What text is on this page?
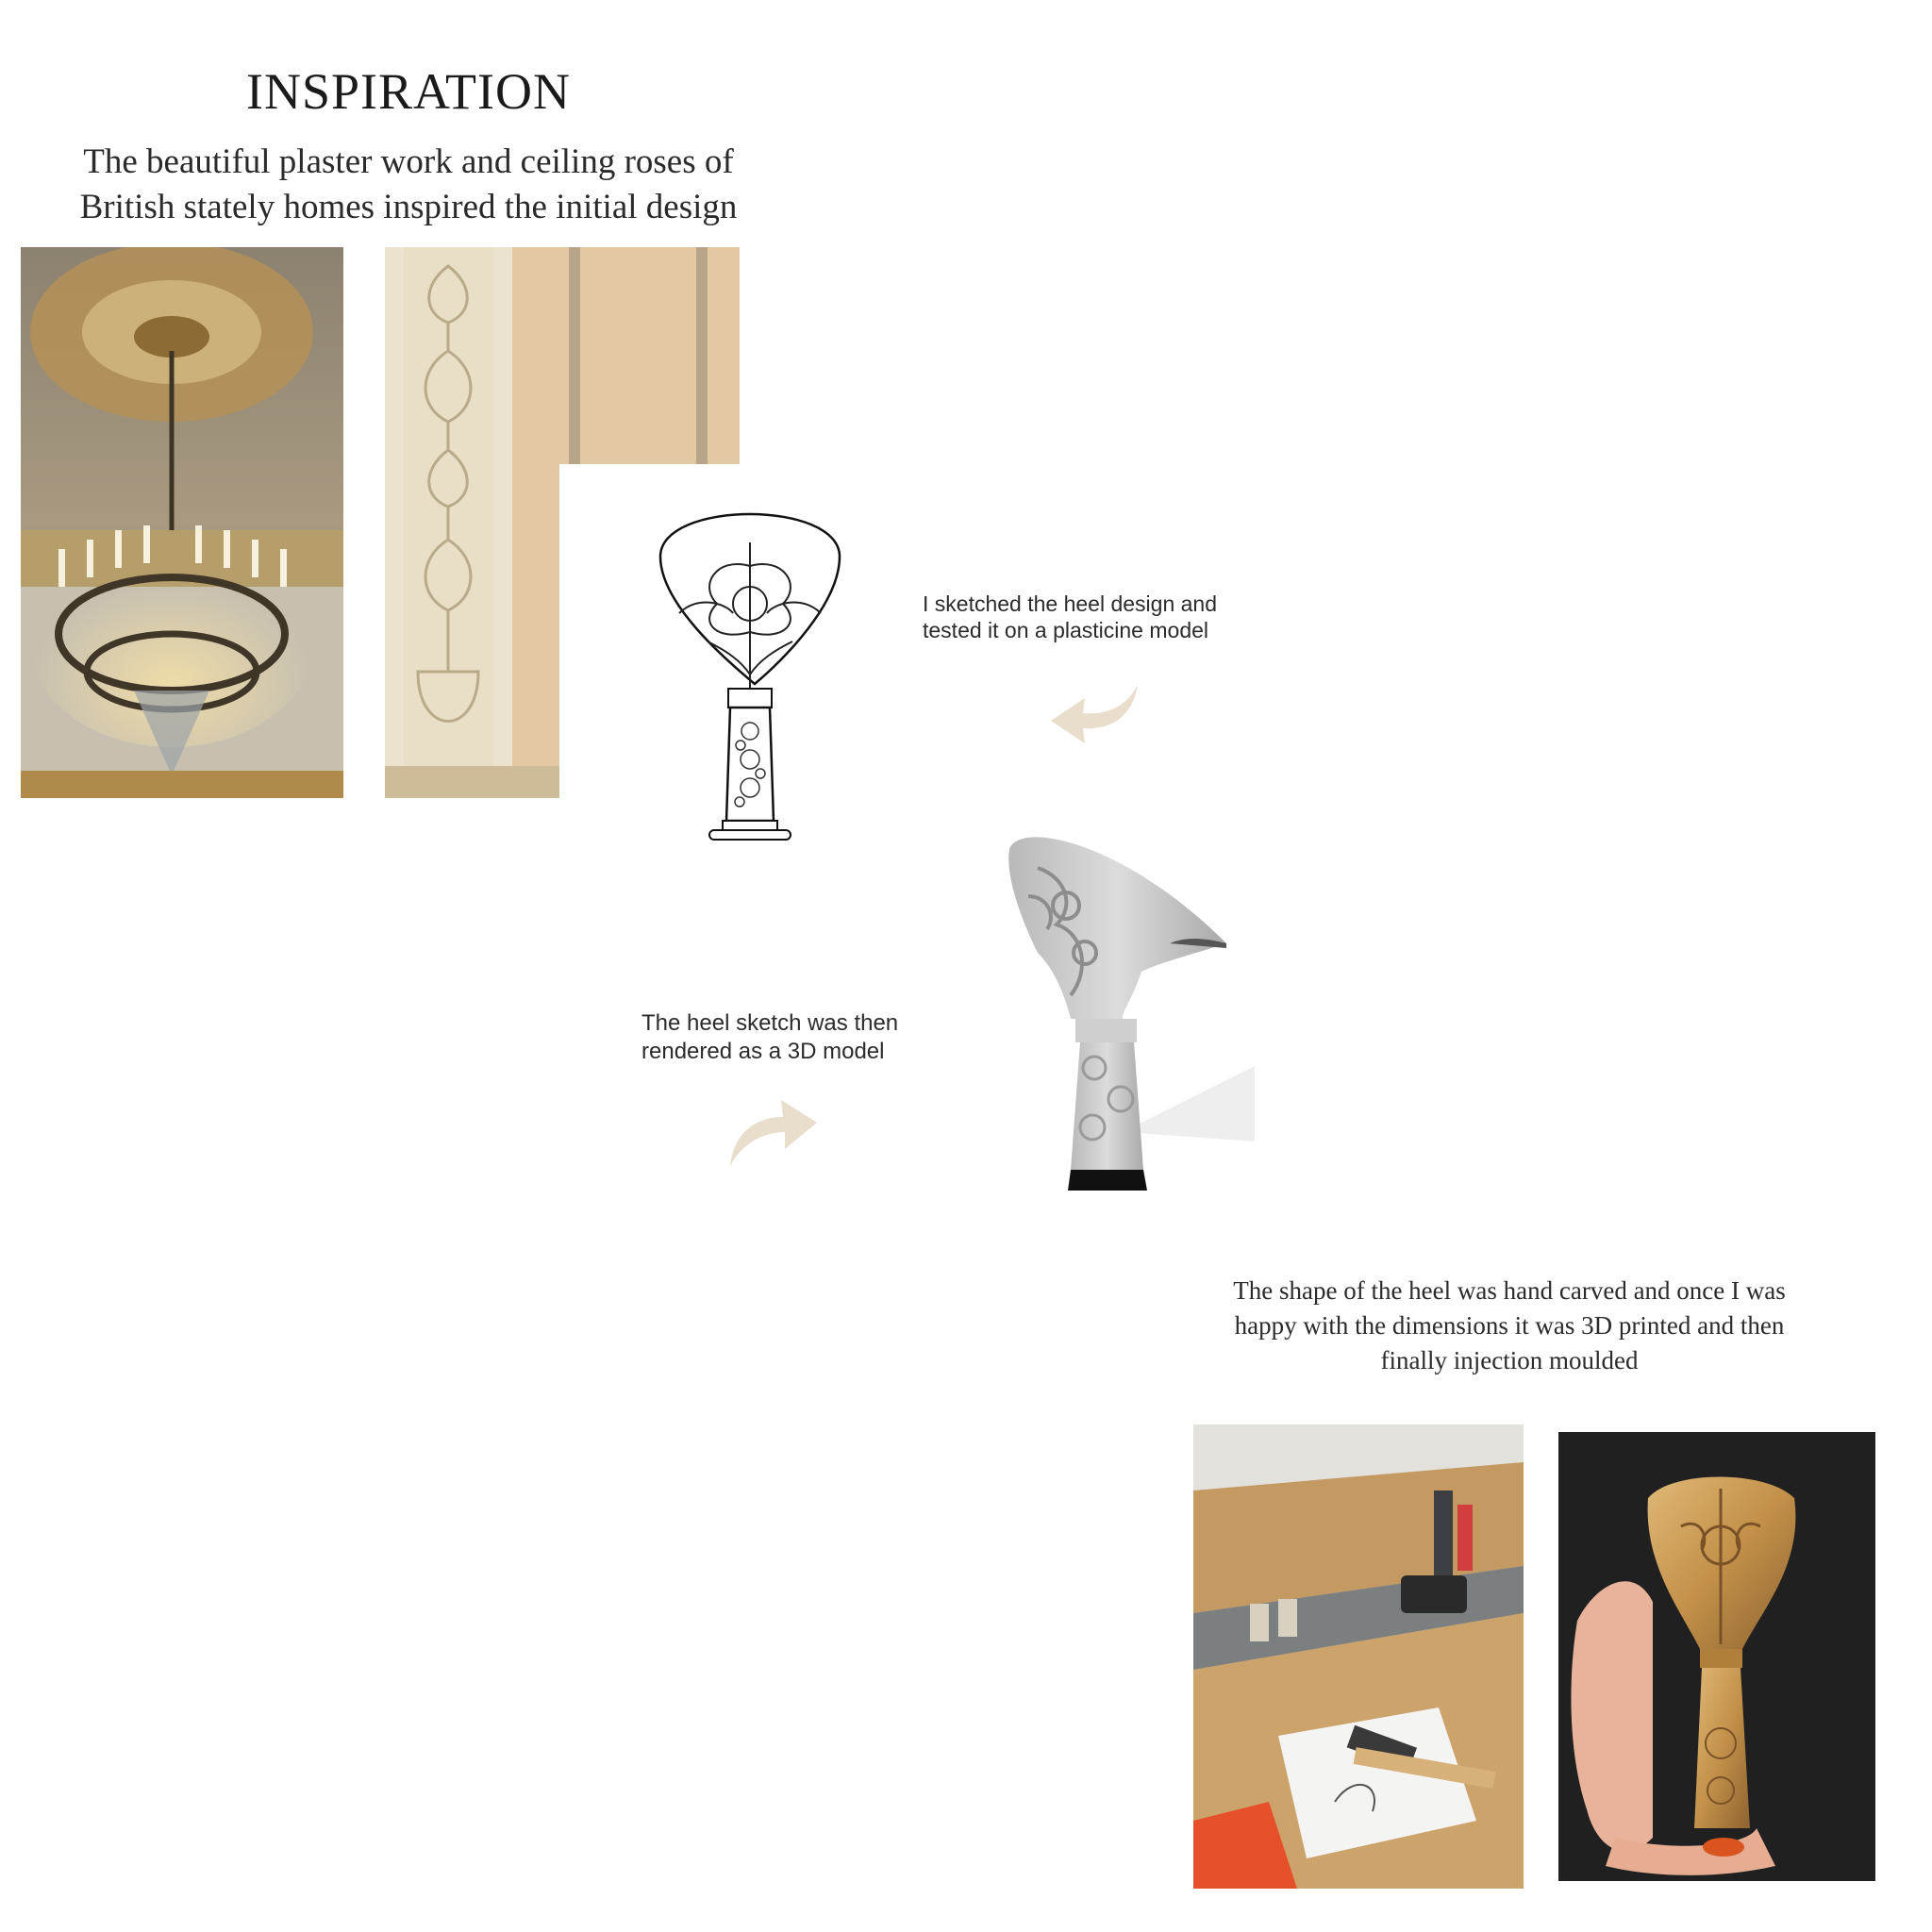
INSPIRATION
The beautiful plaster work and ceiling roses of British stately homes inspired the initial design
I sketched the heel design and tested it on a plasticine model
The heel sketch was then rendered as a 3D model
The shape of the heel was hand carved and once I was happy with the dimensions it was 3D printed and then finally injection moulded
